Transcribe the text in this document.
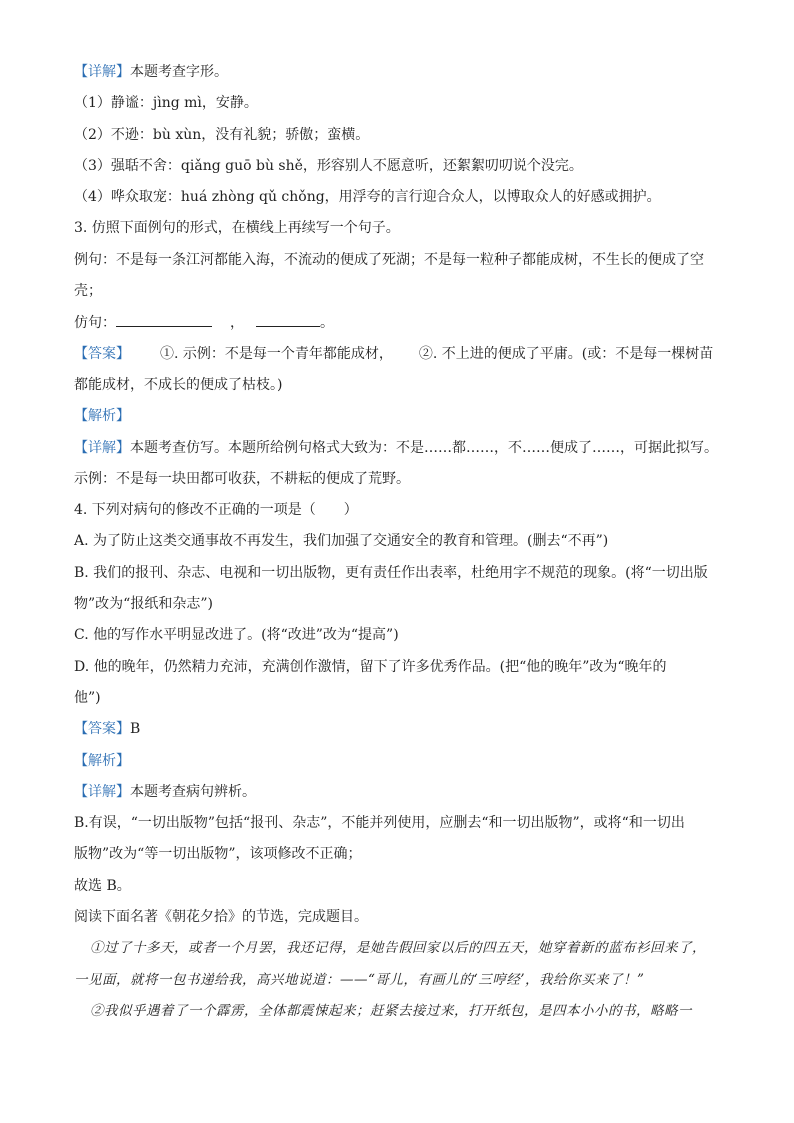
【详解】本题考查字形。

（1）静谧：jìng mì，安静。

（2）不逊：bù xùn，没有礼貌；骄傲；蛮横。

（3）强聒不舍：qiǎng guō bù shě，形容别人不愿意听，还絮絮叨叨说个没完。

（4）哗众取宠：huá zhòng qǔ chǒng，用浮夸的言行迎合众人，以博取众人的好感或拥护。

3. 仿照下面例句的形式，在横线上再续写一个句子。

例句：不是每一条江河都能入海，不流动的便成了死湖；不是每一粒种子都能成树，不生长的便成了空

壳；

仿句：	，	。

【答案】 ①. 示例：不是每一个青年都能成材， ②. 不上进的便成了平庸。(或：不是每一棵树苗

都能成材，不成长的便成了枯枝。)

【解析】

【详解】本题考查仿写。本题所给例句格式大致为：不是……都……，不……便成了……，可据此拟写。

示例：不是每一块田都可收获，不耕耘的便成了荒野。

4. 下列对病句的修改不正确的一项是（　　）

A. 为了防止这类交通事故不再发生，我们加强了交通安全的教育和管理。(删去“不再”)

B. 我们的报刊、杂志、电视和一切出版物，更有责任作出表率，杜绝用字不规范的现象。(将“一切出版

物”改为“报纸和杂志”)

C. 他的写作水平明显改进了。(将“改进”改为“提高”)

D. 他的晚年，仍然精力充沛，充满创作激情，留下了许多优秀作品。(把“他的晚年”改为“晚年的

他”)

【答案】B

【解析】

【详解】本题考查病句辨析。

B.有误，“一切出版物”包括“报刊、杂志”，不能并列使用，应删去“和一切出版物”，或将“和一切出

版物”改为“等一切出版物”，该项修改不正确；

故选 B。

阅读下面名著《朝花夕拾》的节选，完成题目。

①过了十多天，或者一个月罢，我还记得，是她告假回家以后的四五天，她穿着新的蓝布衫回来了，

一见面，就将一包书递给我，高兴地说道：——“哥儿，有画儿的‘三哼经’，我给你买来了！”

②我似乎遇着了一个霹雳，全体都震悚起来；赶紧去接过来，打开纸包，是四本小小的书，略略一
